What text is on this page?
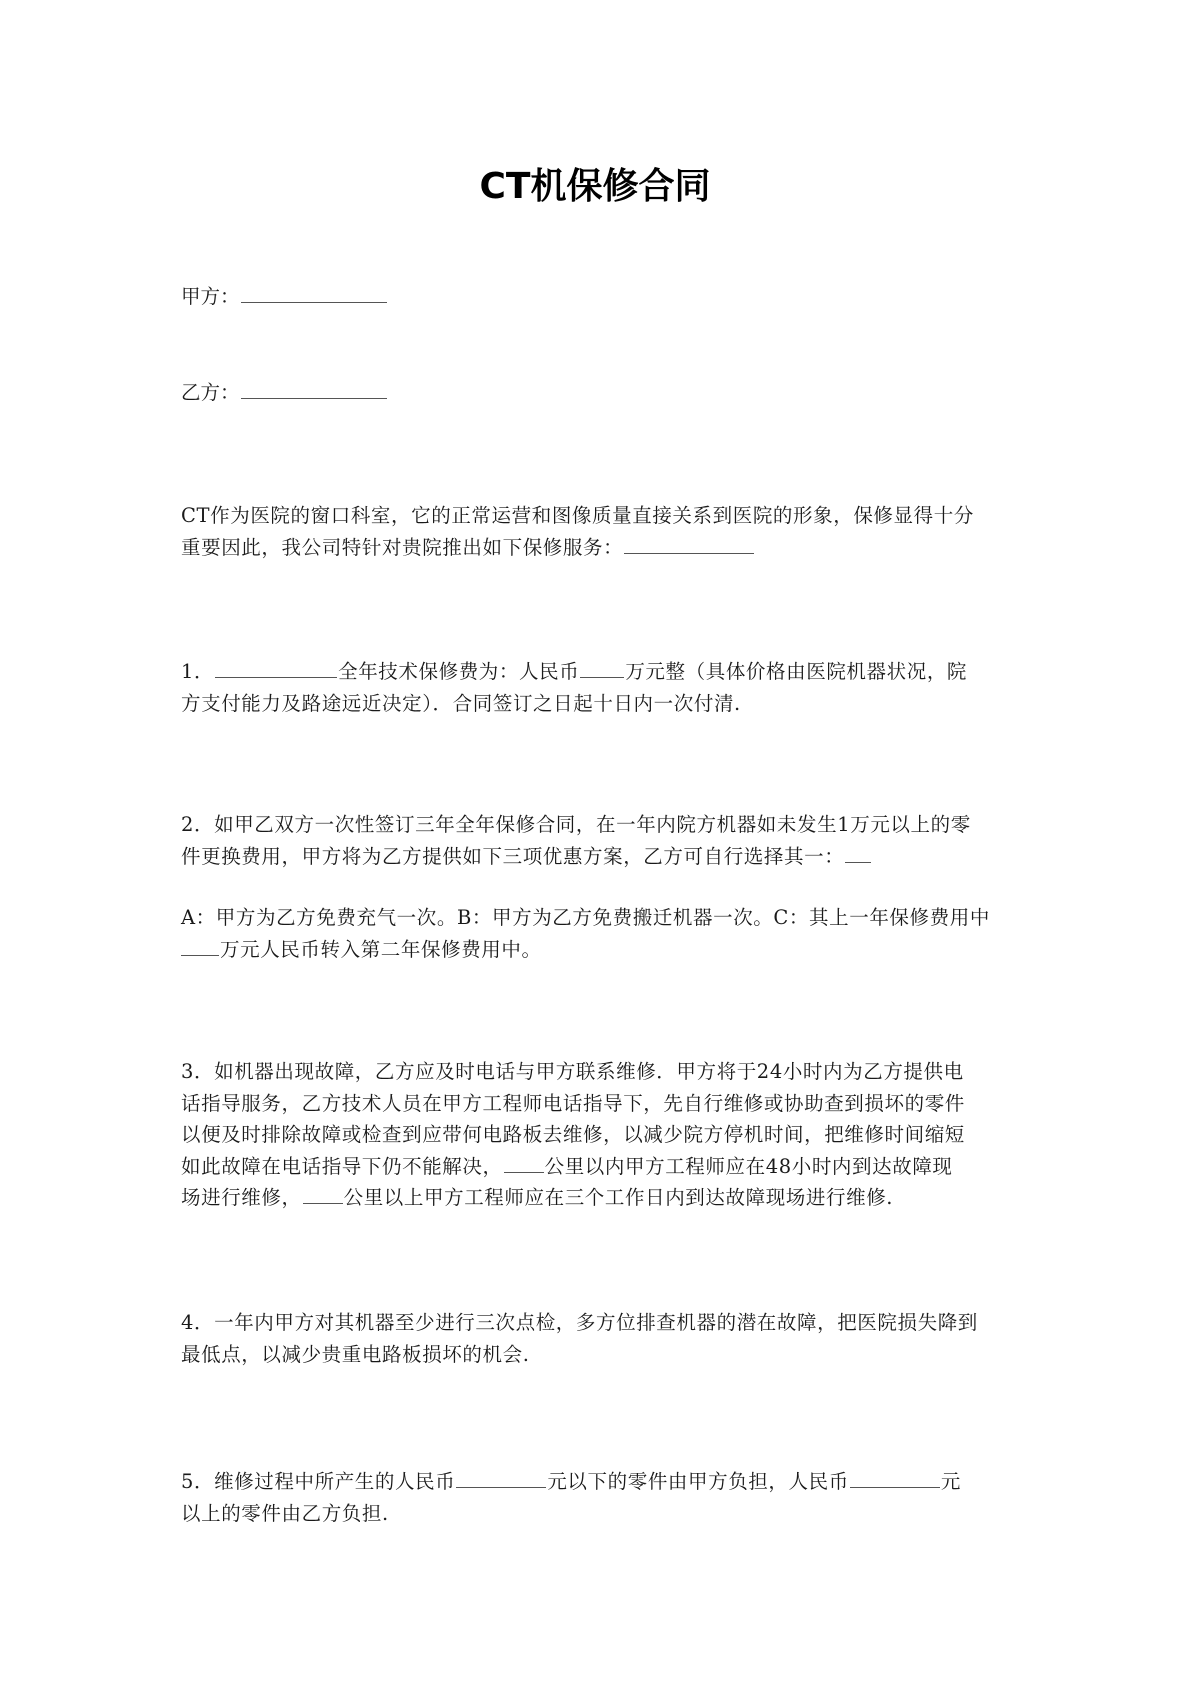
CT机保修合同
甲方：
乙方：
CT作为医院的窗口科室，它的正常运营和图像质量直接关系到医院的形象，保修显得十分
重要因此，我公司特针对贵院推出如下保修服务：
1．	全年技术保修费为：人民币 万元整（具体价格由医院机器状况，院
方支付能力及路途远近决定）．合同签订之日起十日内一次付清.
2．如甲乙双方一次性签订三年全年保修合同，在一年内院方机器如未发生1万元以上的零
件更换费用，甲方将为乙方提供如下三项优惠方案，乙方可自行选择其一：
A：甲方为乙方免费充气一次。B：甲方为乙方免费搬迁机器一次。C：其上一年保修费用中
万元人民币转入第二年保修费用中。
3．如机器出现故障，乙方应及时电话与甲方联系维修．甲方将于24小时内为乙方提供电
话指导服务，乙方技术人员在甲方工程师电话指导下，先自行维修或协助查到损坏的零件
以便及时排除故障或检查到应带何电路板去维修，以减少院方停机时间，把维修时间缩短
如此故障在电话指导下仍不能解决， 公里以内甲方工程师应在48小时内到达故障现
场进行维修， 公里以上甲方工程师应在三个工作日内到达故障现场进行维修.
4．一年内甲方对其机器至少进行三次点检，多方位排查机器的潜在故障，把医院损失降到
最低点，以减少贵重电路板损坏的机会.
5．维修过程中所产生的人民币	元以下的零件由甲方负担，人民币	元
以上的零件由乙方负担.
